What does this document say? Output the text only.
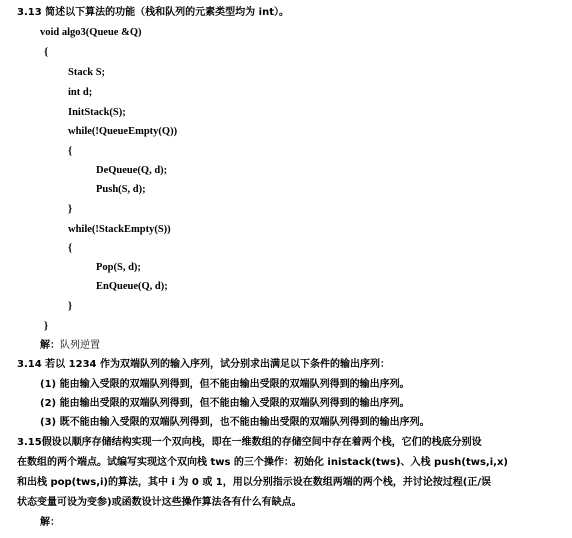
3.13 简述以下算法的功能（栈和队列的元素类型均为 int）。
void algo3(Queue &Q)
{
Stack S;
int d;
InitStack(S);
while(!QueueEmpty(Q))
{
DeQueue(Q, d);
Push(S, d);
}
while(!StackEmpty(S))
{
Pop(S, d);
EnQueue(Q, d);
}
}
解：队列逆置
3.14 若以 1234 作为双端队列的输入序列，试分别求出满足以下条件的输出序列：
(1) 能由输入受限的双端队列得到，但不能由输出受限的双端队列得到的输出序列。
(2) 能由输出受限的双端队列得到，但不能由输入受限的双端队列得到的输出序列。
(3) 既不能由输入受限的双端队列得到，也不能由输出受限的双端队列得到的输出序列。
3.15假设以顺序存储结构实现一个双向栈，即在一维数组的存储空间中存在着两个栈，它们的栈底分别设
在数组的两个端点。试编写实现这个双向栈 tws 的三个操作：初始化 inistack(tws)、入栈 push(tws,i,x)
和出栈 pop(tws,i)的算法，其中 i 为 0 或 1，用以分别指示设在数组两端的两个栈，并讨论按过程(正/误
状态变量可设为变参)或函数设计这些操作算法各有什么有缺点。
解：
